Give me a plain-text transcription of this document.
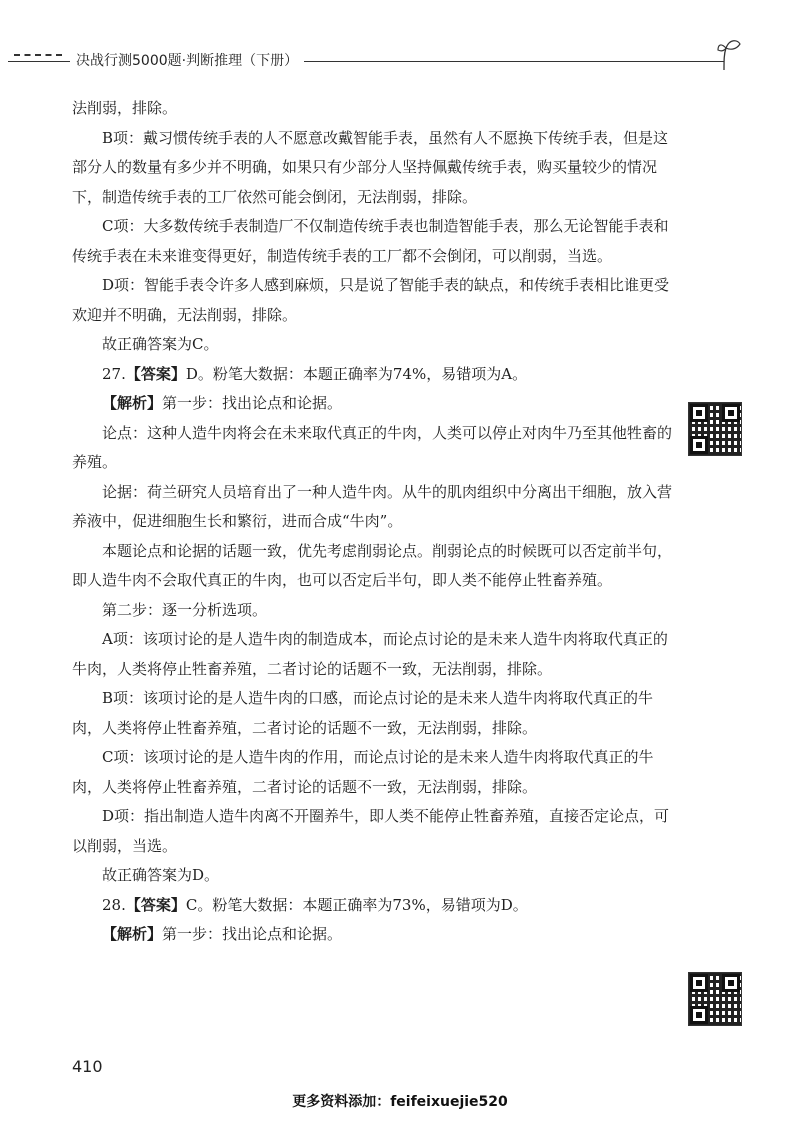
决战行测5000题·判断推理（下册）

法削弱，排除。

B项：戴习惯传统手表的人不愿意改戴智能手表，虽然有人不愿换下传统手表，但是这部分人的数量有多少并不明确，如果只有少部分人坚持佩戴传统手表，购买量较少的情况下，制造传统手表的工厂依然可能会倒闭，无法削弱，排除。

C项：大多数传统手表制造厂不仅制造传统手表也制造智能手表，那么无论智能手表和传统手表在未来谁变得更好，制造传统手表的工厂都不会倒闭，可以削弱，当选。

D项：智能手表令许多人感到麻烦，只是说了智能手表的缺点，和传统手表相比谁更受欢迎并不明确，无法削弱，排除。

故正确答案为C。

27.【答案】D。粉笔大数据：本题正确率为74%，易错项为A。

【解析】第一步：找出论点和论据。

论点：这种人造牛肉将会在未来取代真正的牛肉，人类可以停止对肉牛乃至其他牲畜的养殖。

论据：荷兰研究人员培育出了一种人造牛肉。从牛的肌肉组织中分离出干细胞，放入营养液中，促进细胞生长和繁衍，进而合成“牛肉”。

本题论点和论据的话题一致，优先考虑削弱论点。削弱论点的时候既可以否定前半句，即人造牛肉不会取代真正的牛肉，也可以否定后半句，即人类不能停止牲畜养殖。

第二步：逐一分析选项。

A项：该项讨论的是人造牛肉的制造成本，而论点讨论的是未来人造牛肉将取代真正的牛肉，人类将停止牲畜养殖，二者讨论的话题不一致，无法削弱，排除。

B项：该项讨论的是人造牛肉的口感，而论点讨论的是未来人造牛肉将取代真正的牛肉，人类将停止牲畜养殖，二者讨论的话题不一致，无法削弱，排除。

C项：该项讨论的是人造牛肉的作用，而论点讨论的是未来人造牛肉将取代真正的牛肉，人类将停止牲畜养殖，二者讨论的话题不一致，无法削弱，排除。

D项：指出制造人造牛肉离不开圈养牛，即人类不能停止牲畜养殖，直接否定论点，可以削弱，当选。

故正确答案为D。

28.【答案】C。粉笔大数据：本题正确率为73%，易错项为D。

【解析】第一步：找出论点和论据。

410
更多资料添加：feifeixuejie520
